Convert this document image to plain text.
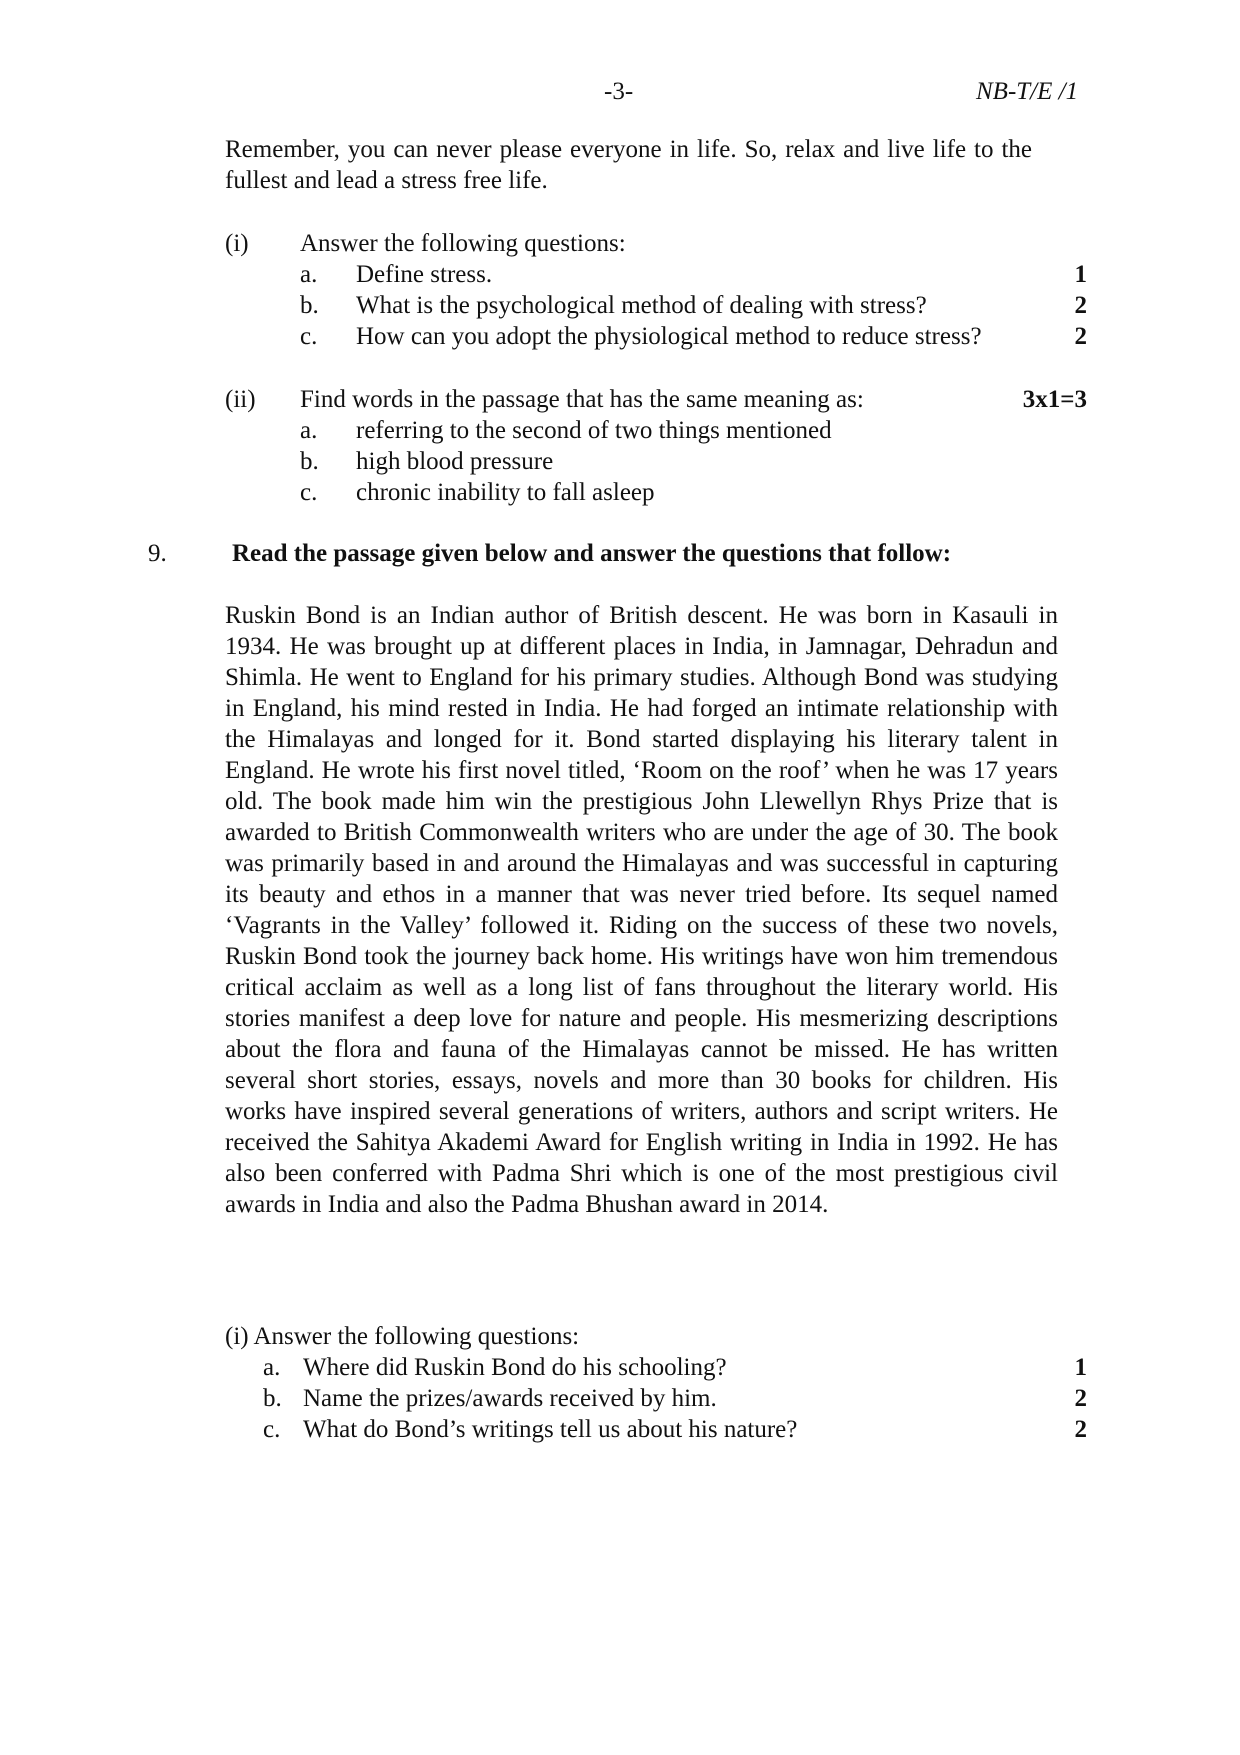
-3-	NB-T/E /1

Remember, you can never please everyone in life. So, relax and live life to the fullest and lead a stress free life.

(i) Answer the following questions:
a. Define stress.	1
b. What is the psychological method of dealing with stress?	2
c. How can you adopt the physiological method to reduce stress?	2
(ii) Find words in the passage that has the same meaning as:	3x1=3
a. referring to the second of two things mentioned
b. high blood pressure
c. chronic inability to fall asleep
9.	Read the passage given below and answer the questions that follow:
Ruskin Bond is an Indian author of British descent. He was born in Kasauli in 1934. He was brought up at different places in India, in Jamnagar, Dehradun and Shimla. He went to England for his primary studies. Although Bond was studying in England, his mind rested in India. He had forged an intimate relationship with the Himalayas and longed for it. Bond started displaying his literary talent in England. He wrote his first novel titled, ‘Room on the roof’ when he was 17 years old. The book made him win the prestigious John Llewellyn Rhys Prize that is awarded to British Commonwealth writers who are under the age of 30. The book was primarily based in and around the Himalayas and was successful in capturing its beauty and ethos in a manner that was never tried before. Its sequel named ‘Vagrants in the Valley’ followed it. Riding on the success of these two novels, Ruskin Bond took the journey back home. His writings have won him tremendous critical acclaim as well as a long list of fans throughout the literary world. His stories manifest a deep love for nature and people. His mesmerizing descriptions about the flora and fauna of the Himalayas cannot be missed. He has written several short stories, essays, novels and more than 30 books for children. His works have inspired several generations of writers, authors and script writers. He received the Sahitya Akademi Award for English writing in India in 1992. He has also been conferred with Padma Shri which is one of the most prestigious civil awards in India and also the Padma Bhushan award in 2014.
(i) Answer the following questions:
a. Where did Ruskin Bond do his schooling?	1
b. Name the prizes/awards received by him.	2
c. What do Bond’s writings tell us about his nature?	2
